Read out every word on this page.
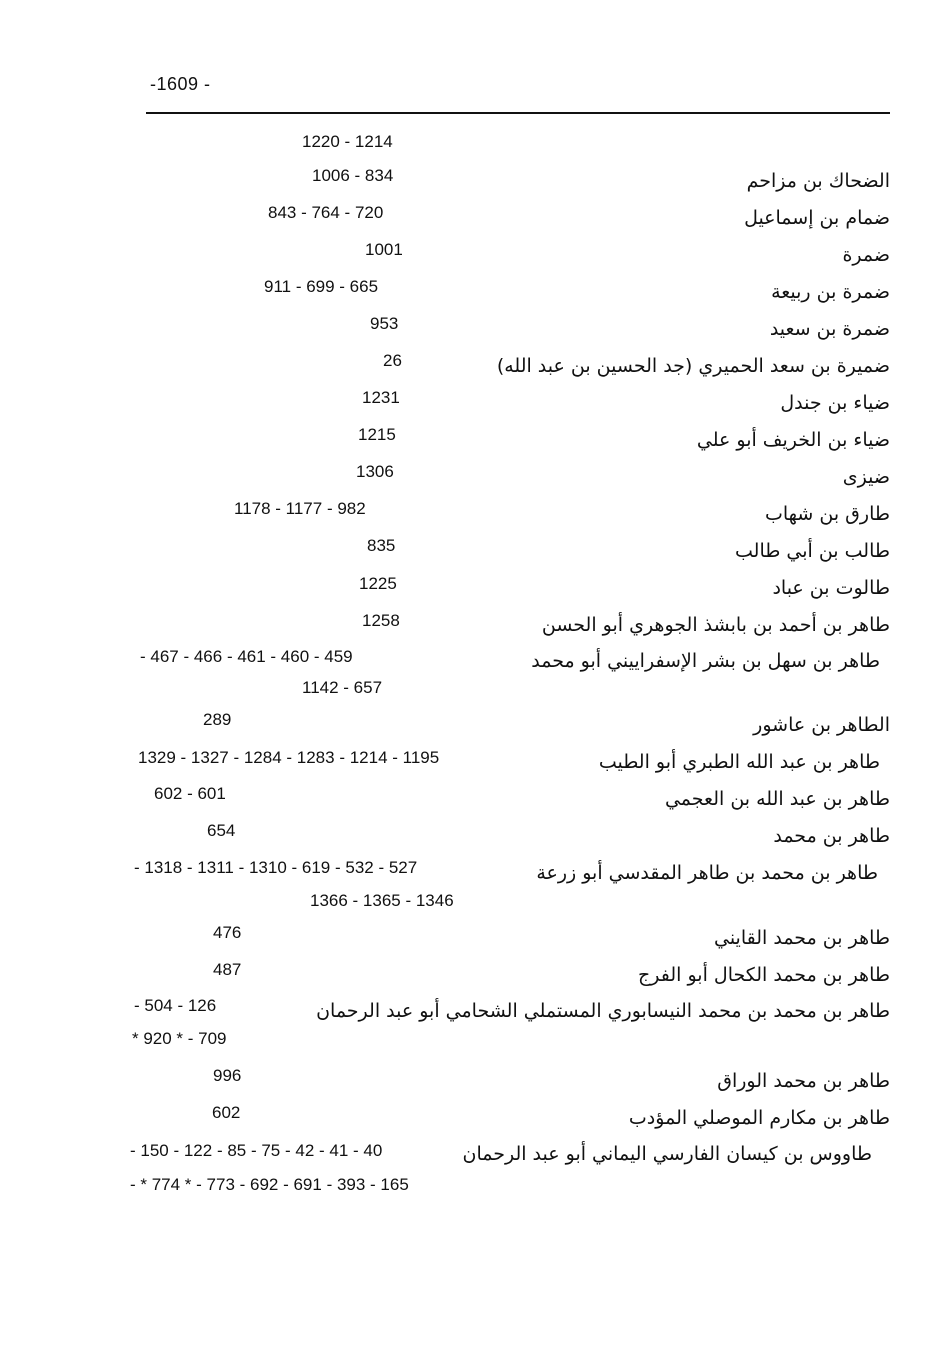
-1609 -
1220 - 1214
الضحاك بن مزاحم
1006 - 834
ضمام بن إسماعيل
843 - 764 - 720
ضمرة
1001
ضمرة بن ربيعة
911 - 699 - 665
ضمرة بن سعيد
953
ضميرة بن سعد الحميري (جد الحسين بن عبد الله)
26
ضياء بن جندل
1231
ضياء بن الخريف أبو علي
1215
ضيزى
1306
طارق بن شهاب
1178 - 1177 - 982
طالب بن أبي طالب
835
طالوت بن عباد
1225
طاهر بن أحمد بن بابشذ الجوهري أبو الحسن
1258
طاهر بن سهل بن بشر الإسفراييني أبو محمد
- 467 - 466 - 461 - 460 - 459
1142 - 657
الطاهر بن عاشور
289
طاهر بن عبد الله الطبري أبو الطيب
1329 - 1327 - 1284 - 1283 - 1214 - 1195
طاهر بن عبد الله بن العجمي
602 - 601
طاهر بن محمد
654
طاهر بن محمد بن طاهر المقدسي أبو زرعة
- 1318 - 1311 - 1310 - 619 - 532 - 527
1366 - 1365 - 1346
طاهر بن محمد القايني
476
طاهر بن محمد الكحال أبو الفرج
487
طاهر بن محمد بن محمد النيسابوري المستملي الشحامي أبو عبد الرحمان
- 504 - 126
* 920 * - 709
طاهر بن محمد الوراق
996
طاهر بن مكارم الموصلي المؤدب
602
طاووس بن كيسان الفارسي اليماني أبو عبد الرحمان
- 150 - 122 - 85 - 75 - 42 - 41 - 40
- * 774 * - 773 - 692 - 691 - 393 - 165
